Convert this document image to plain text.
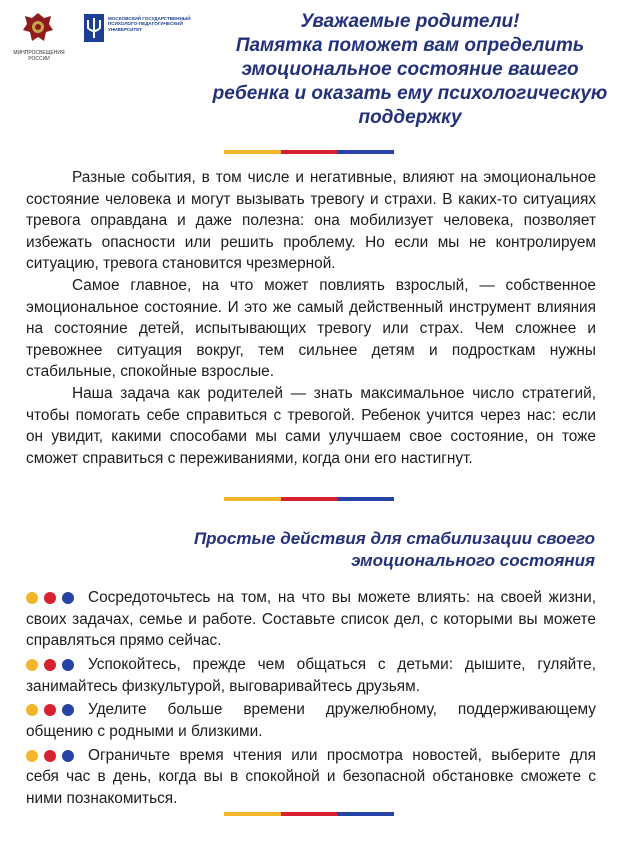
МИНПРОСВЕЩЕНИЯ РОССИИ
МОСКОВСКИЙ ГОСУДАРСТВЕННЫЙ ПСИХОЛОГО-ПЕДАГОГИЧЕСКИЙ УНИВЕРСИТЕТ	Уважаемые родители!
Памятка поможет вам определить
эмоциональное состояние вашего
ребенка и оказать ему психологическую
поддержку

Разные события, в том числе и негативные, влияют на эмоциональное состояние человека и могут вызывать тревогу и страхи. В каких-то ситуациях тревога оправдана и даже полезна: она мобилизует человека, позволяет избежать опасности или решить проблему. Но если мы не контролируем ситуацию, тревога становится чрезмерной.

Самое главное, на что может повлиять взрослый, — собственное эмоциональное состояние. И это же самый действенный инструмент влияния на состояние детей, испытывающих тревогу или страх. Чем сложнее и тревожнее ситуация вокруг, тем сильнее детям и подросткам нужны стабильные, спокойные взрослые.

Наша задача как родителей — знать максимальное число стратегий, чтобы помогать себе справиться с тревогой. Ребенок учится через нас: если он увидит, какими способами мы сами улучшаем свое состояние, он тоже сможет справиться с переживаниями, когда они его настигнут.

Простые действия для стабилизации своего
эмоционального состояния

Сосредоточьтесь на том, на что вы можете влиять: на своей жизни, своих задачах, семье и работе. Составьте список дел, с которыми вы можете справляться прямо сейчас.

Успокойтесь, прежде чем общаться с детьми: дышите, гуляйте, занимайтесь физкультурой, выговаривайтесь друзьям.

Уделите больше времени дружелюбному, поддерживающему общению с родными и близкими.

Ограничьте время чтения или просмотра новостей, выберите для себя час в день, когда вы в спокойной и безопасной обстановке сможете с ними познакомиться.
